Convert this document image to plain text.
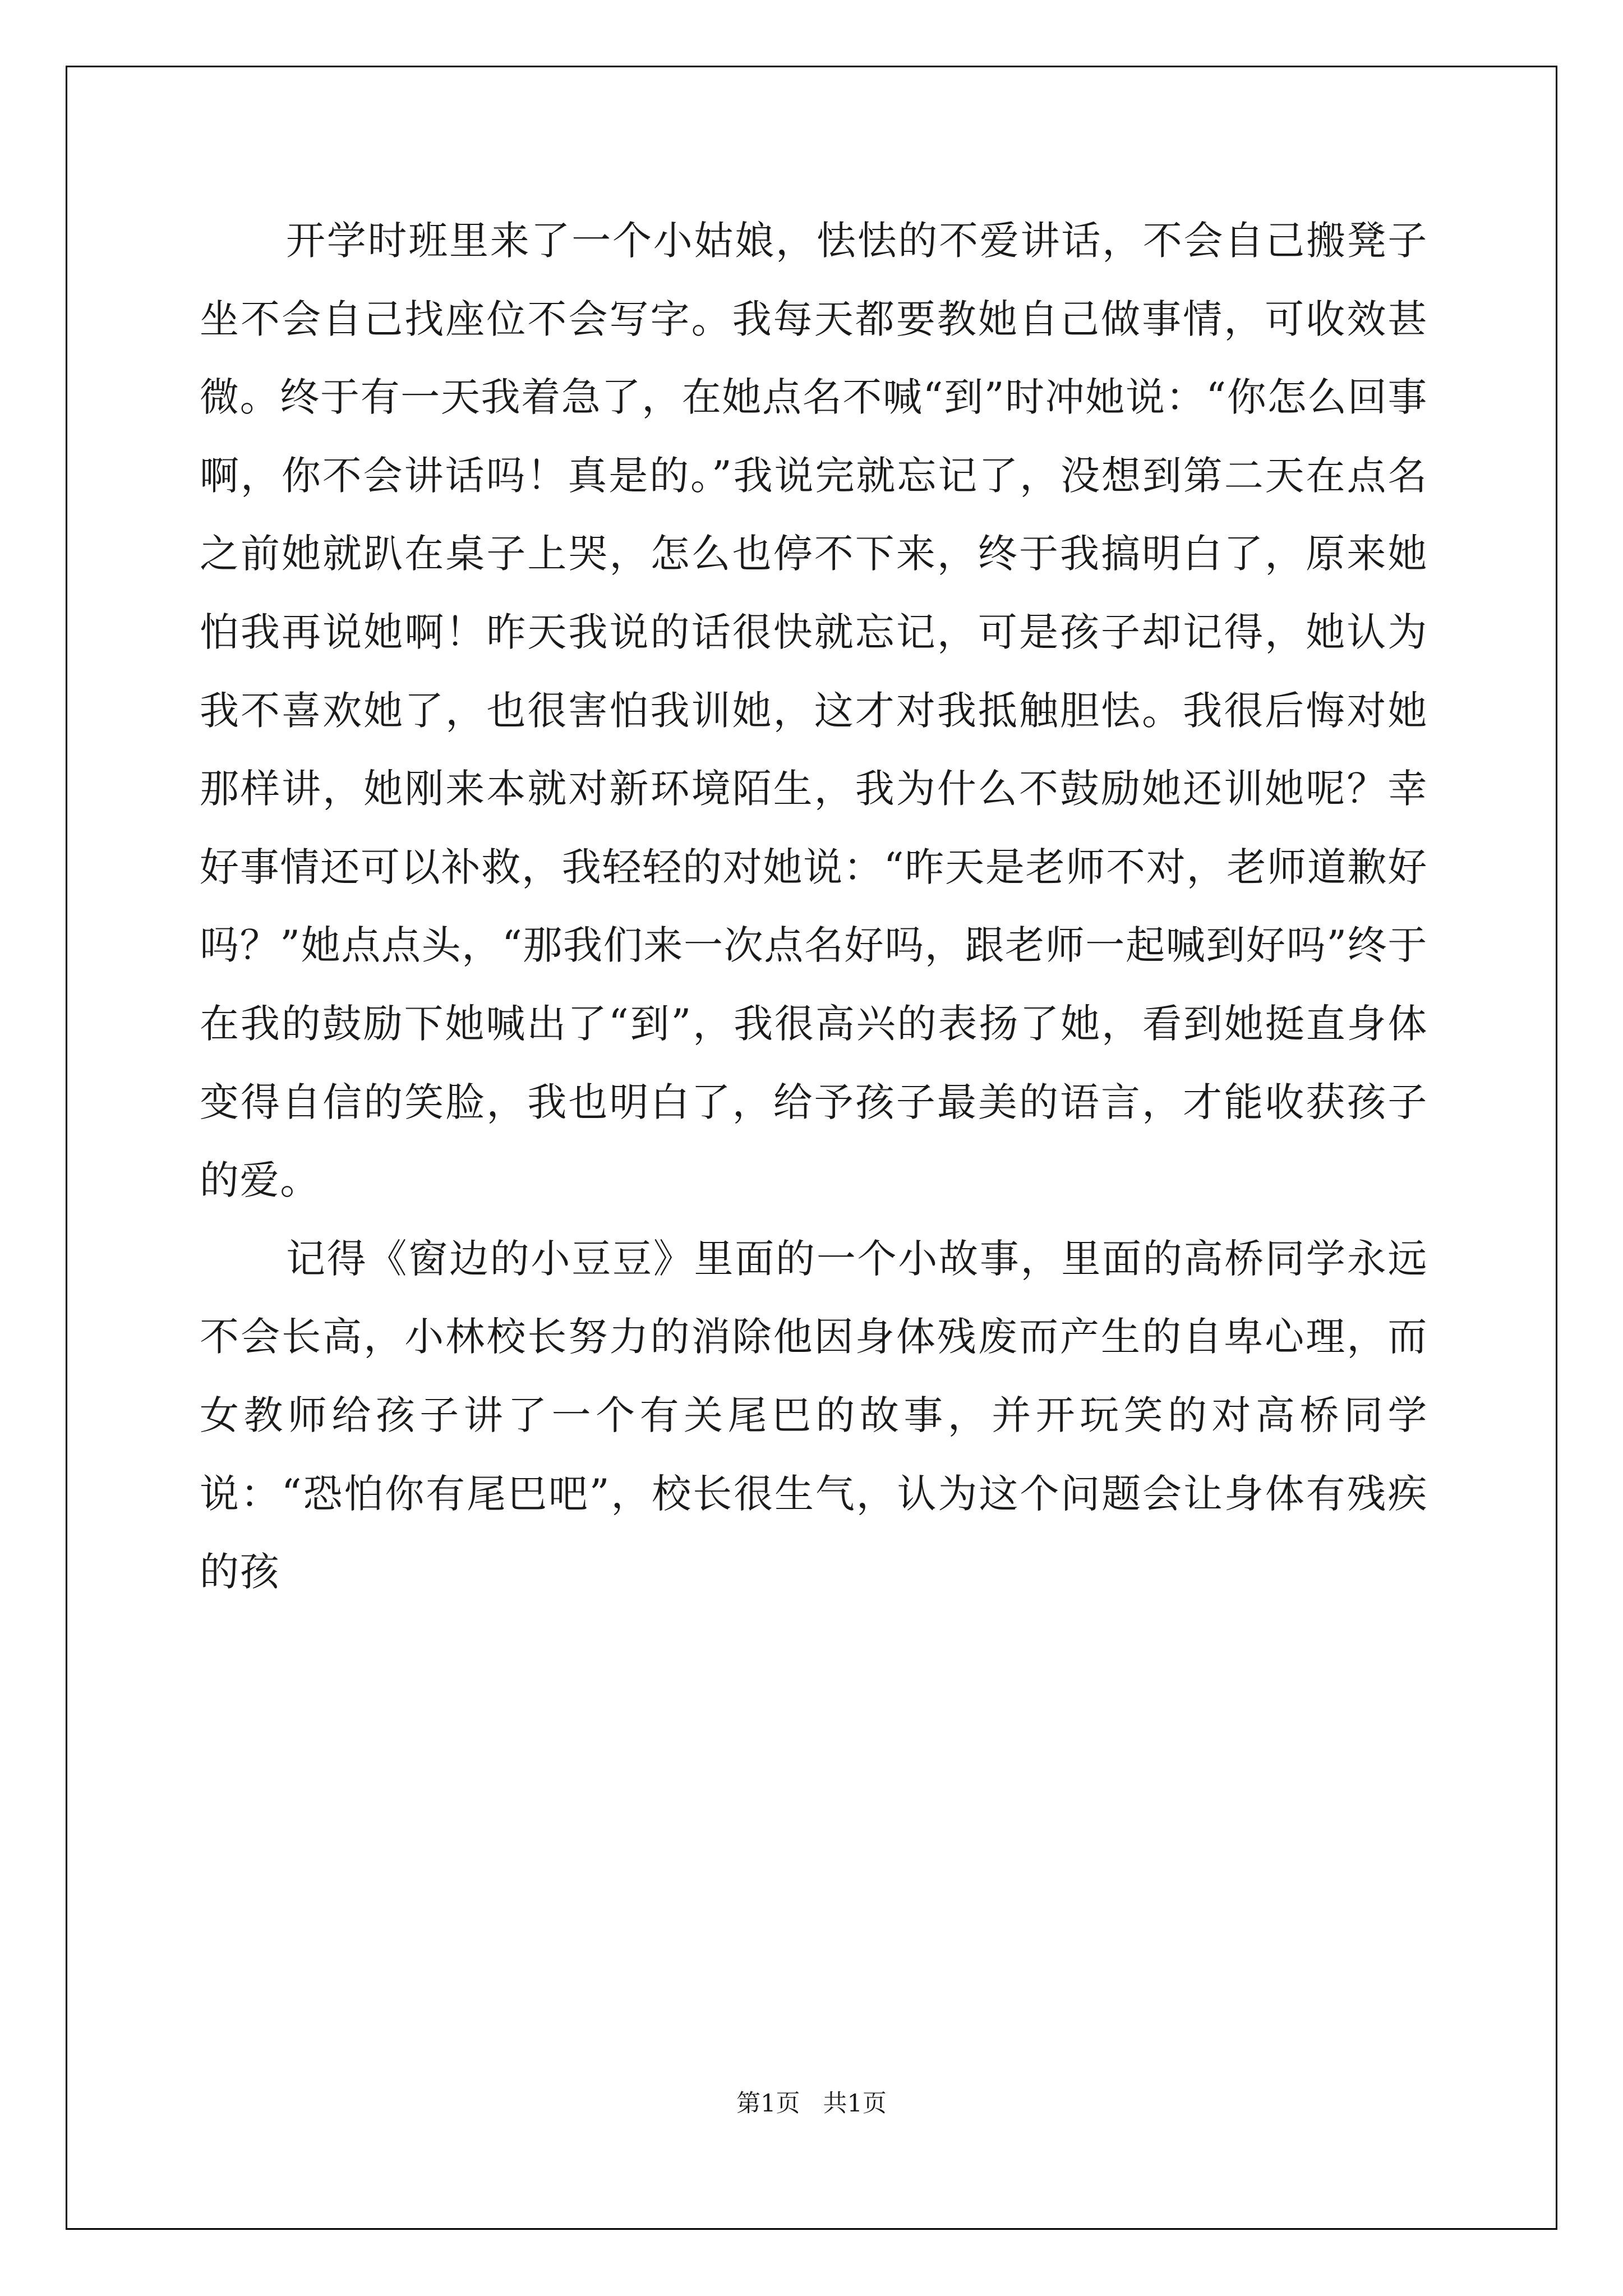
开学时班里来了一个小姑娘，怯怯的不爱讲话，不会自己搬凳子坐不会自己找座位不会写字。我每天都要教她自己做事情，可收效甚微。终于有一天我着急了，在她点名不喊“到”时冲她说：“你怎么回事啊，你不会讲话吗！真是的。”我说完就忘记了，没想到第二天在点名之前她就趴在桌子上哭，怎么也停不下来，终于我搞明白了，原来她怕我再说她啊！昨天我说的话很快就忘记，可是孩子却记得，她认为我不喜欢她了，也很害怕我训她，这才对我抵触胆怯。我很后悔对她那样讲，她刚来本就对新环境陌生，我为什么不鼓励她还训她呢？幸好事情还可以补救，我轻轻的对她说：“昨天是老师不对，老师道歉好吗？”她点点头，“那我们来一次点名好吗，跟老师一起喊到好吗”终于在我的鼓励下她喊出了“到”，我很高兴的表扬了她，看到她挺直身体变得自信的笑脸，我也明白了，给予孩子最美的语言，才能收获孩子的爱。

记得《窗边的小豆豆》里面的一个小故事，里面的高桥同学永远不会长高，小林校长努力的消除他因身体残废而产生的自卑心理，而女教师给孩子讲了一个有关尾巴的故事，并开玩笑的对高桥同学说：“恐怕你有尾巴吧”，校长很生气，认为这个问题会让身体有残疾的孩

第1页 共1页
